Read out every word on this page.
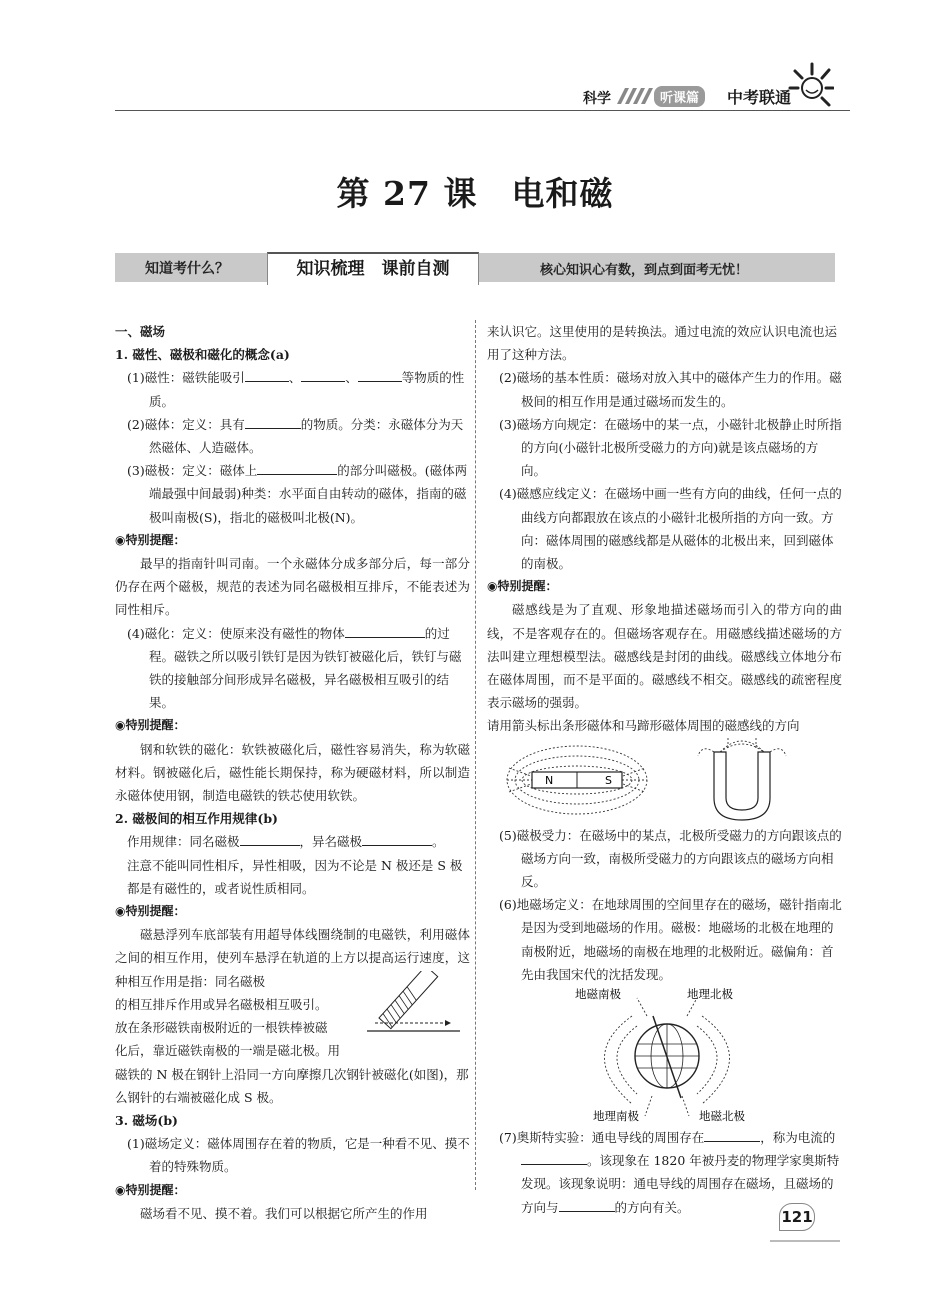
科学	听课篇	中考联通
第 27 课　电和磁
知道考什么？	知识梳理　课前自测	核心知识心有数，到点到面考无忧！

一、磁场

1. 磁性、磁极和磁化的概念(a)

(1)磁性：磁铁能吸引	、	、	等物质的性质。

(2)磁体：定义：具有	的物质。分类：永磁体分为天然磁体、人造磁体。

(3)磁极：定义：磁体上	的部分叫磁极。(磁体两端最强中间最弱)种类：水平面自由转动的磁体，指南的磁极叫南极(S)，指北的磁极叫北极(N)。

◉特别提醒：

最早的指南针叫司南。一个永磁体分成多部分后，每一部分仍存在两个磁极，规范的表述为同名磁极相互排斥，不能表述为同性相斥。

(4)磁化：定义：使原来没有磁性的物体	的过程。磁铁之所以吸引铁钉是因为铁钉被磁化后，铁钉与磁铁的接触部分间形成异名磁极，异名磁极相互吸引的结果。

◉特别提醒：

钢和软铁的磁化：软铁被磁化后，磁性容易消失，称为软磁材料。钢被磁化后，磁性能长期保持，称为硬磁材料，所以制造永磁体使用钢，制造电磁铁的铁芯使用软铁。

2. 磁极间的相互作用规律(b)

作用规律：同名磁极	，异名磁极	。

注意不能叫同性相斥，异性相吸，因为不论是 N 极还是 S 极都是有磁性的，或者说性质相同。

◉特别提醒：

磁悬浮列车底部装有用超导体线圈绕制的电磁铁，利用磁体之间的相互作用，使列车悬浮在轨道的上方以提高运行速度，这种相互作用是指：同名磁极

的相互排斥作用或异名磁极相互吸引。

放在条形磁铁南极附近的一根铁棒被磁

化后，靠近磁铁南极的一端是磁北极。用

磁铁的 N 极在钢针上沿同一方向摩擦几次钢针被磁化(如图)，那么钢针的右端被磁化成 S 极。

3. 磁场(b)

(1)磁场定义：磁体周围存在着的物质，它是一种看不见、摸不着的特殊物质。

◉特别提醒：

磁场看不见、摸不着。我们可以根据它所产生的作用

来认识它。这里使用的是转换法。通过电流的效应认识电流也运用了这种方法。

(2)磁场的基本性质：磁场对放入其中的磁体产生力的作用。磁极间的相互作用是通过磁场而发生的。

(3)磁场方向规定：在磁场中的某一点，小磁针北极静止时所指的方向(小磁针北极所受磁力的方向)就是该点磁场的方向。

(4)磁感应线定义：在磁场中画一些有方向的曲线，任何一点的曲线方向都跟放在该点的小磁针北极所指的方向一致。方向：磁体周围的磁感线都是从磁体的北极出来，回到磁体的南极。

◉特别提醒：

磁感线是为了直观、形象地描述磁场而引入的带方向的曲线，不是客观存在的。但磁场客观存在。用磁感线描述磁场的方法叫建立理想模型法。磁感线是封闭的曲线。磁感线立体地分布在磁体周围，而不是平面的。磁感线不相交。磁感线的疏密程度表示磁场的强弱。

请用箭头标出条形磁体和马蹄形磁体周围的磁感线的方向

N	S

(5)磁极受力：在磁场中的某点，北极所受磁力的方向跟该点的磁场方向一致，南极所受磁力的方向跟该点的磁场方向相反。

(6)地磁场定义：在地球周围的空间里存在的磁场，磁针指南北是因为受到地磁场的作用。磁极：地磁场的北极在地理的南极附近，地磁场的南极在地理的北极附近。磁偏角：首先由我国宋代的沈括发现。

地磁南极	地理北极
地理南极	地磁北极

(7)奥斯特实验：通电导线的周围存在	，称为电流的。该现象在 1820 年被丹麦的物理学家奥斯特发现。该现象说明：通电导线的周围存在磁场，且磁场的方向与	的方向有关。

121
